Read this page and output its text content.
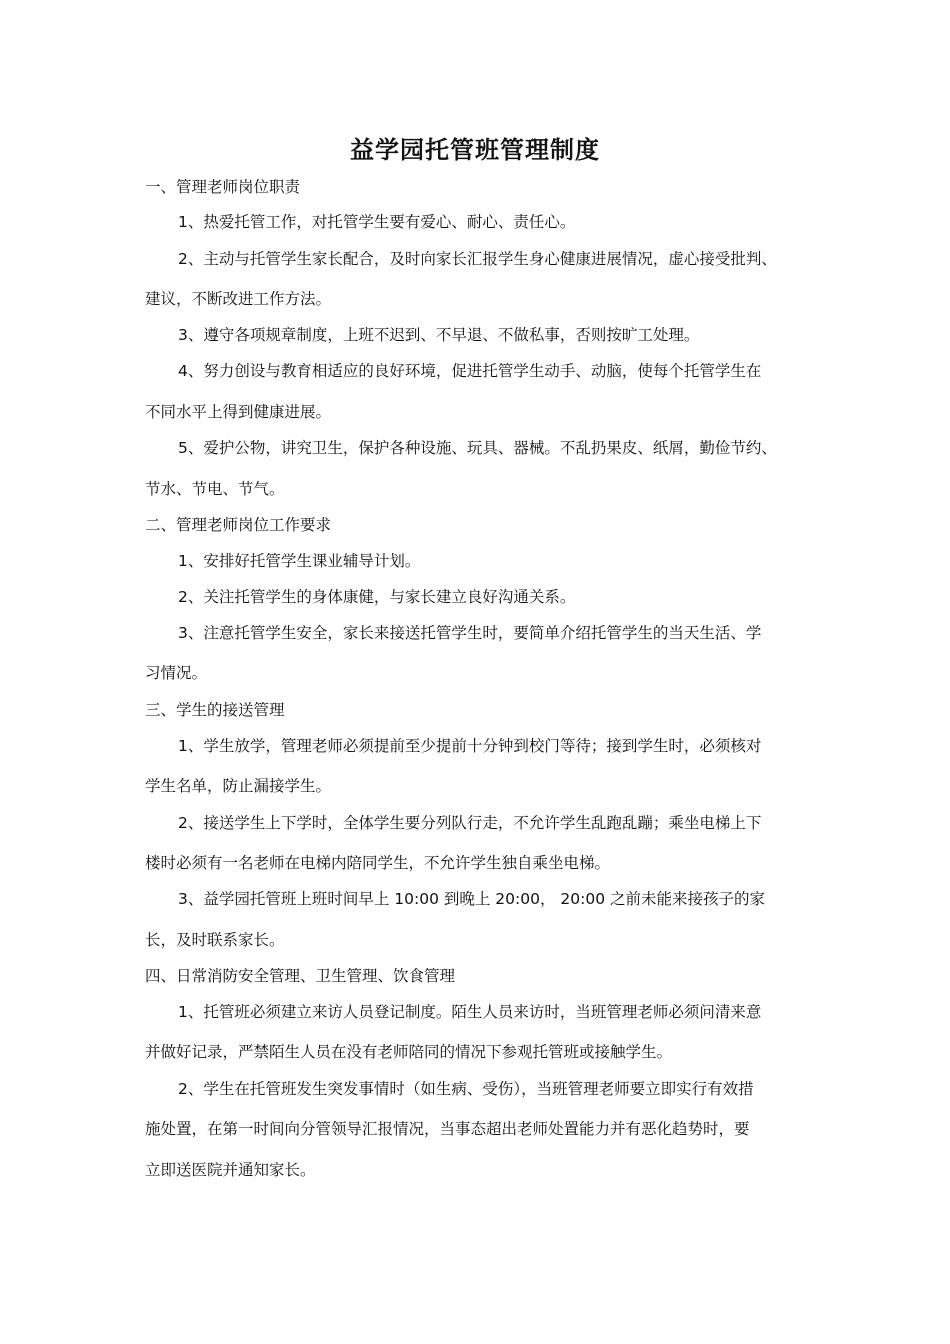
益学园托管班管理制度
一、管理老师岗位职责
1、热爱托管工作，对托管学生要有爱心、耐心、责任心。
2、主动与托管学生家长配合，及时向家长汇报学生身心健康进展情况，虚心接受批判、
建议，不断改进工作方法。
3、遵守各项规章制度，上班不迟到、不早退、不做私事，否则按旷工处理。
4、努力创设与教育相适应的良好环境，促进托管学生动手、动脑，使每个托管学生在
不同水平上得到健康进展。
5、爱护公物，讲究卫生，保护各种设施、玩具、器械。不乱扔果皮、纸屑，勤俭节约、
节水、节电、节气。
二、管理老师岗位工作要求
1、安排好托管学生课业辅导计划。
2、关注托管学生的身体康健，与家长建立良好沟通关系。
3、注意托管学生安全，家长来接送托管学生时，要简单介绍托管学生的当天生活、学
习情况。
三、学生的接送管理
1、学生放学，管理老师必须提前至少提前十分钟到校门等待；接到学生时，必须核对
学生名单，防止漏接学生。
2、接送学生上下学时，全体学生要分列队行走，不允许学生乱跑乱蹦；乘坐电梯上下
楼时必须有一名老师在电梯内陪同学生，不允许学生独自乘坐电梯。
3、益学园托管班上班时间早上 10:00 到晚上 20:00， 20:00 之前未能来接孩子的家
长，及时联系家长。
四、日常消防安全管理、卫生管理、饮食管理
1、托管班必须建立来访人员登记制度。陌生人员来访时，当班管理老师必须问清来意
并做好记录，严禁陌生人员在没有老师陪同的情况下参观托管班或接触学生。
2、学生在托管班发生突发事情时（如生病、受伤），当班管理老师要立即实行有效措
施处置，在第一时间向分管领导汇报情况，当事态超出老师处置能力并有恶化趋势时，要
立即送医院并通知家长。
